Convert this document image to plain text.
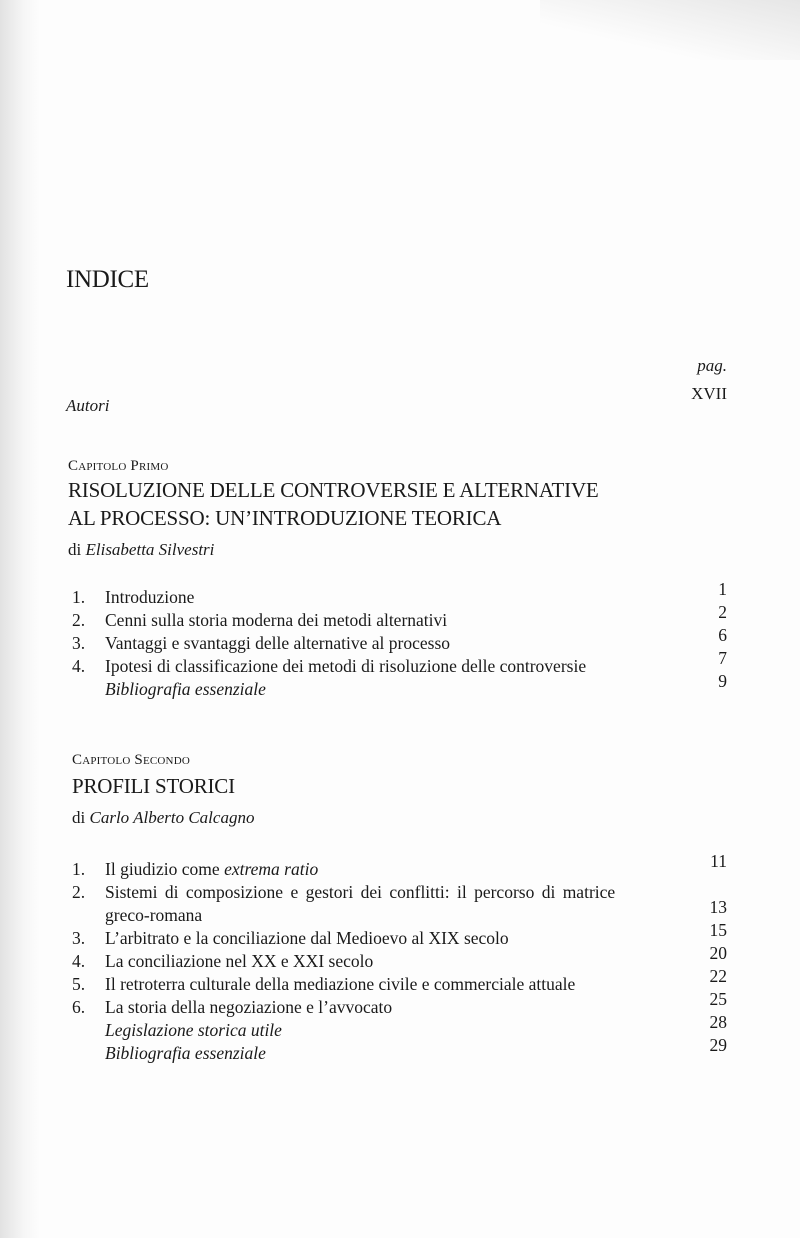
INDICE
pag.
XVII
Autori
Capitolo Primo
RISOLUZIONE DELLE CONTROVERSIE E ALTERNATIVE
AL PROCESSO: UN’INTRODUZIONE TEORICA
di Elisabetta Silvestri
1.	Introduzione	1
2.	Cenni sulla storia moderna dei metodi alternativi	2
3.	Vantaggi e svantaggi delle alternative al processo	6
4.	Ipotesi di classificazione dei metodi di risoluzione delle controversie	7
Bibliografia essenziale	9
Capitolo Secondo
PROFILI STORICI
di Carlo Alberto Calcagno
1.	Il giudizio come extrema ratio	11
2.	Sistemi di composizione e gestori dei conflitti: il percorso di matrice
greco-romana	13
3.	L’arbitrato e la conciliazione dal Medioevo al XIX secolo	15
4.	La conciliazione nel XX e XXI secolo	20
5.	Il retroterra culturale della mediazione civile e commerciale attuale	22
6.	La storia della negoziazione e l’avvocato	25
Legislazione storica utile	28
Bibliografia essenziale	29
